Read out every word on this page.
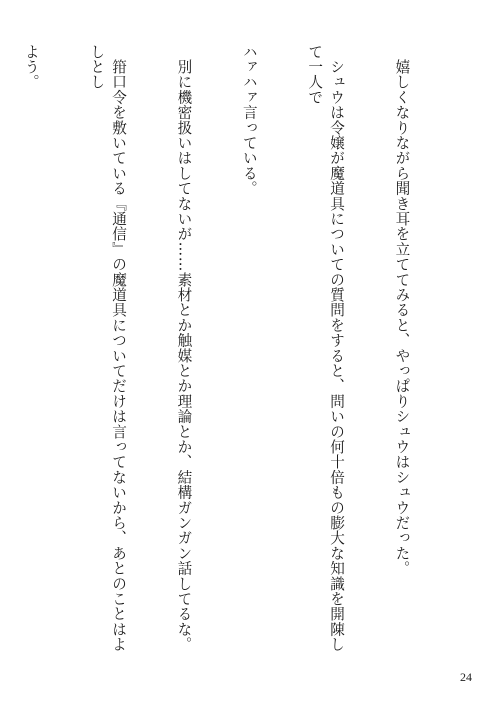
　嬉しくなりながら聞き耳を立ててみると、やっぱりシュウはシュウだった。

　シュウは令嬢が魔道具についての質問をすると、問いの何十倍もの膨大な知識を開陳して一人で

ハァハァ言っている。

　別に機密扱いはしてないが……素材とか触媒とか理論とか、結構ガンガン話してるな。

　箝口令を敷いている『通信』の魔道具についてだけは言ってないから、あとのことはよしとし

よう。

24
